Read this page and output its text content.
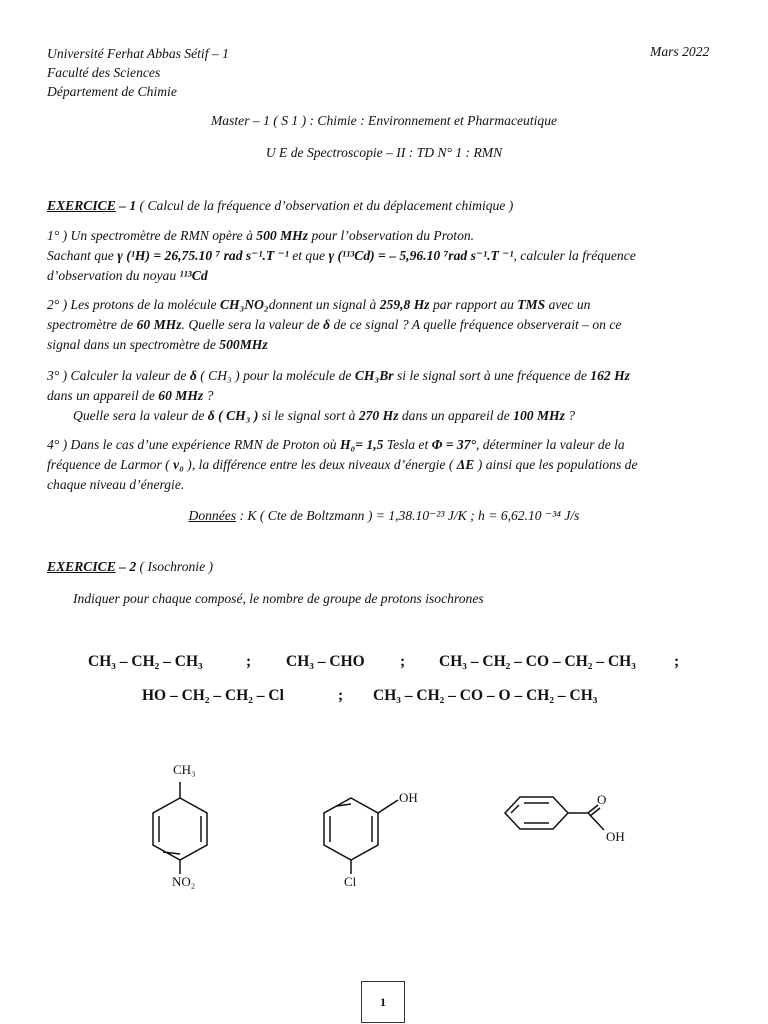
Université Ferhat Abbas Sétif – 1
Faculté des Sciences
Département de Chimie
Mars 2022
Master – 1 ( S 1 ) : Chimie : Environnement et Pharmaceutique
U E de Spectroscopie – II : TD N° 1 : RMN
EXERCICE – 1 ( Calcul de la fréquence d’observation et du déplacement chimique )
1° ) Un spectromètre de RMN opère à 500 MHz pour l’observation du Proton.
Sachant que γ (¹H) = 26,75.10 ⁷ rad s⁻¹.T ⁻¹ et que γ (¹¹³Cd) = – 5,96.10 ⁷rad s⁻¹.T ⁻¹, calculer la fréquence
d’observation du noyau ¹¹³Cd
2° ) Les protons de la molécule CH₃NO₂donnent un signal à 259,8 Hz par rapport au TMS avec un
spectromètre de 60 MHz. Quelle sera la valeur de δ de ce signal ? A quelle fréquence observerait – on ce
signal dans un spectromètre de 500MHz
3° ) Calculer la valeur de δ ( CH₃ ) pour la molécule de CH₃Br si le signal sort à une fréquence de 162 Hz
dans un appareil de 60 MHz ?
Quelle sera la valeur de δ ( CH₃ ) si le signal sort à 270 Hz dans un appareil de 100 MHz ?
4° ) Dans le cas d’une expérience RMN de Proton où H₀= 1,5 Tesla et Φ = 37°, déterminer la valeur de la
fréquence de Larmor ( ν₀ ), la différence entre les deux niveaux d’énergie ( ΔE ) ainsi que les populations de
chaque niveau d’énergie.
Données : K ( Cte de Boltzmann ) = 1,38.10⁻²³ J/K ; h = 6,62.10 ⁻³⁴ J/s
EXERCICE – 2 ( Isochronie )
Indiquer pour chaque composé, le nombre de groupe de protons isochrones
CH₃ – CH₂ – CH₃	; CH₃ – CHO ; CH₃ – CH₂ – CO – CH₂ – CH₃ ;
HO – CH₂ – CH₂ – Cl	; CH₃ – CH₂ – CO – O – CH₂ – CH₃
CH₃
NO₂
OH
Cl
O
OH
1
